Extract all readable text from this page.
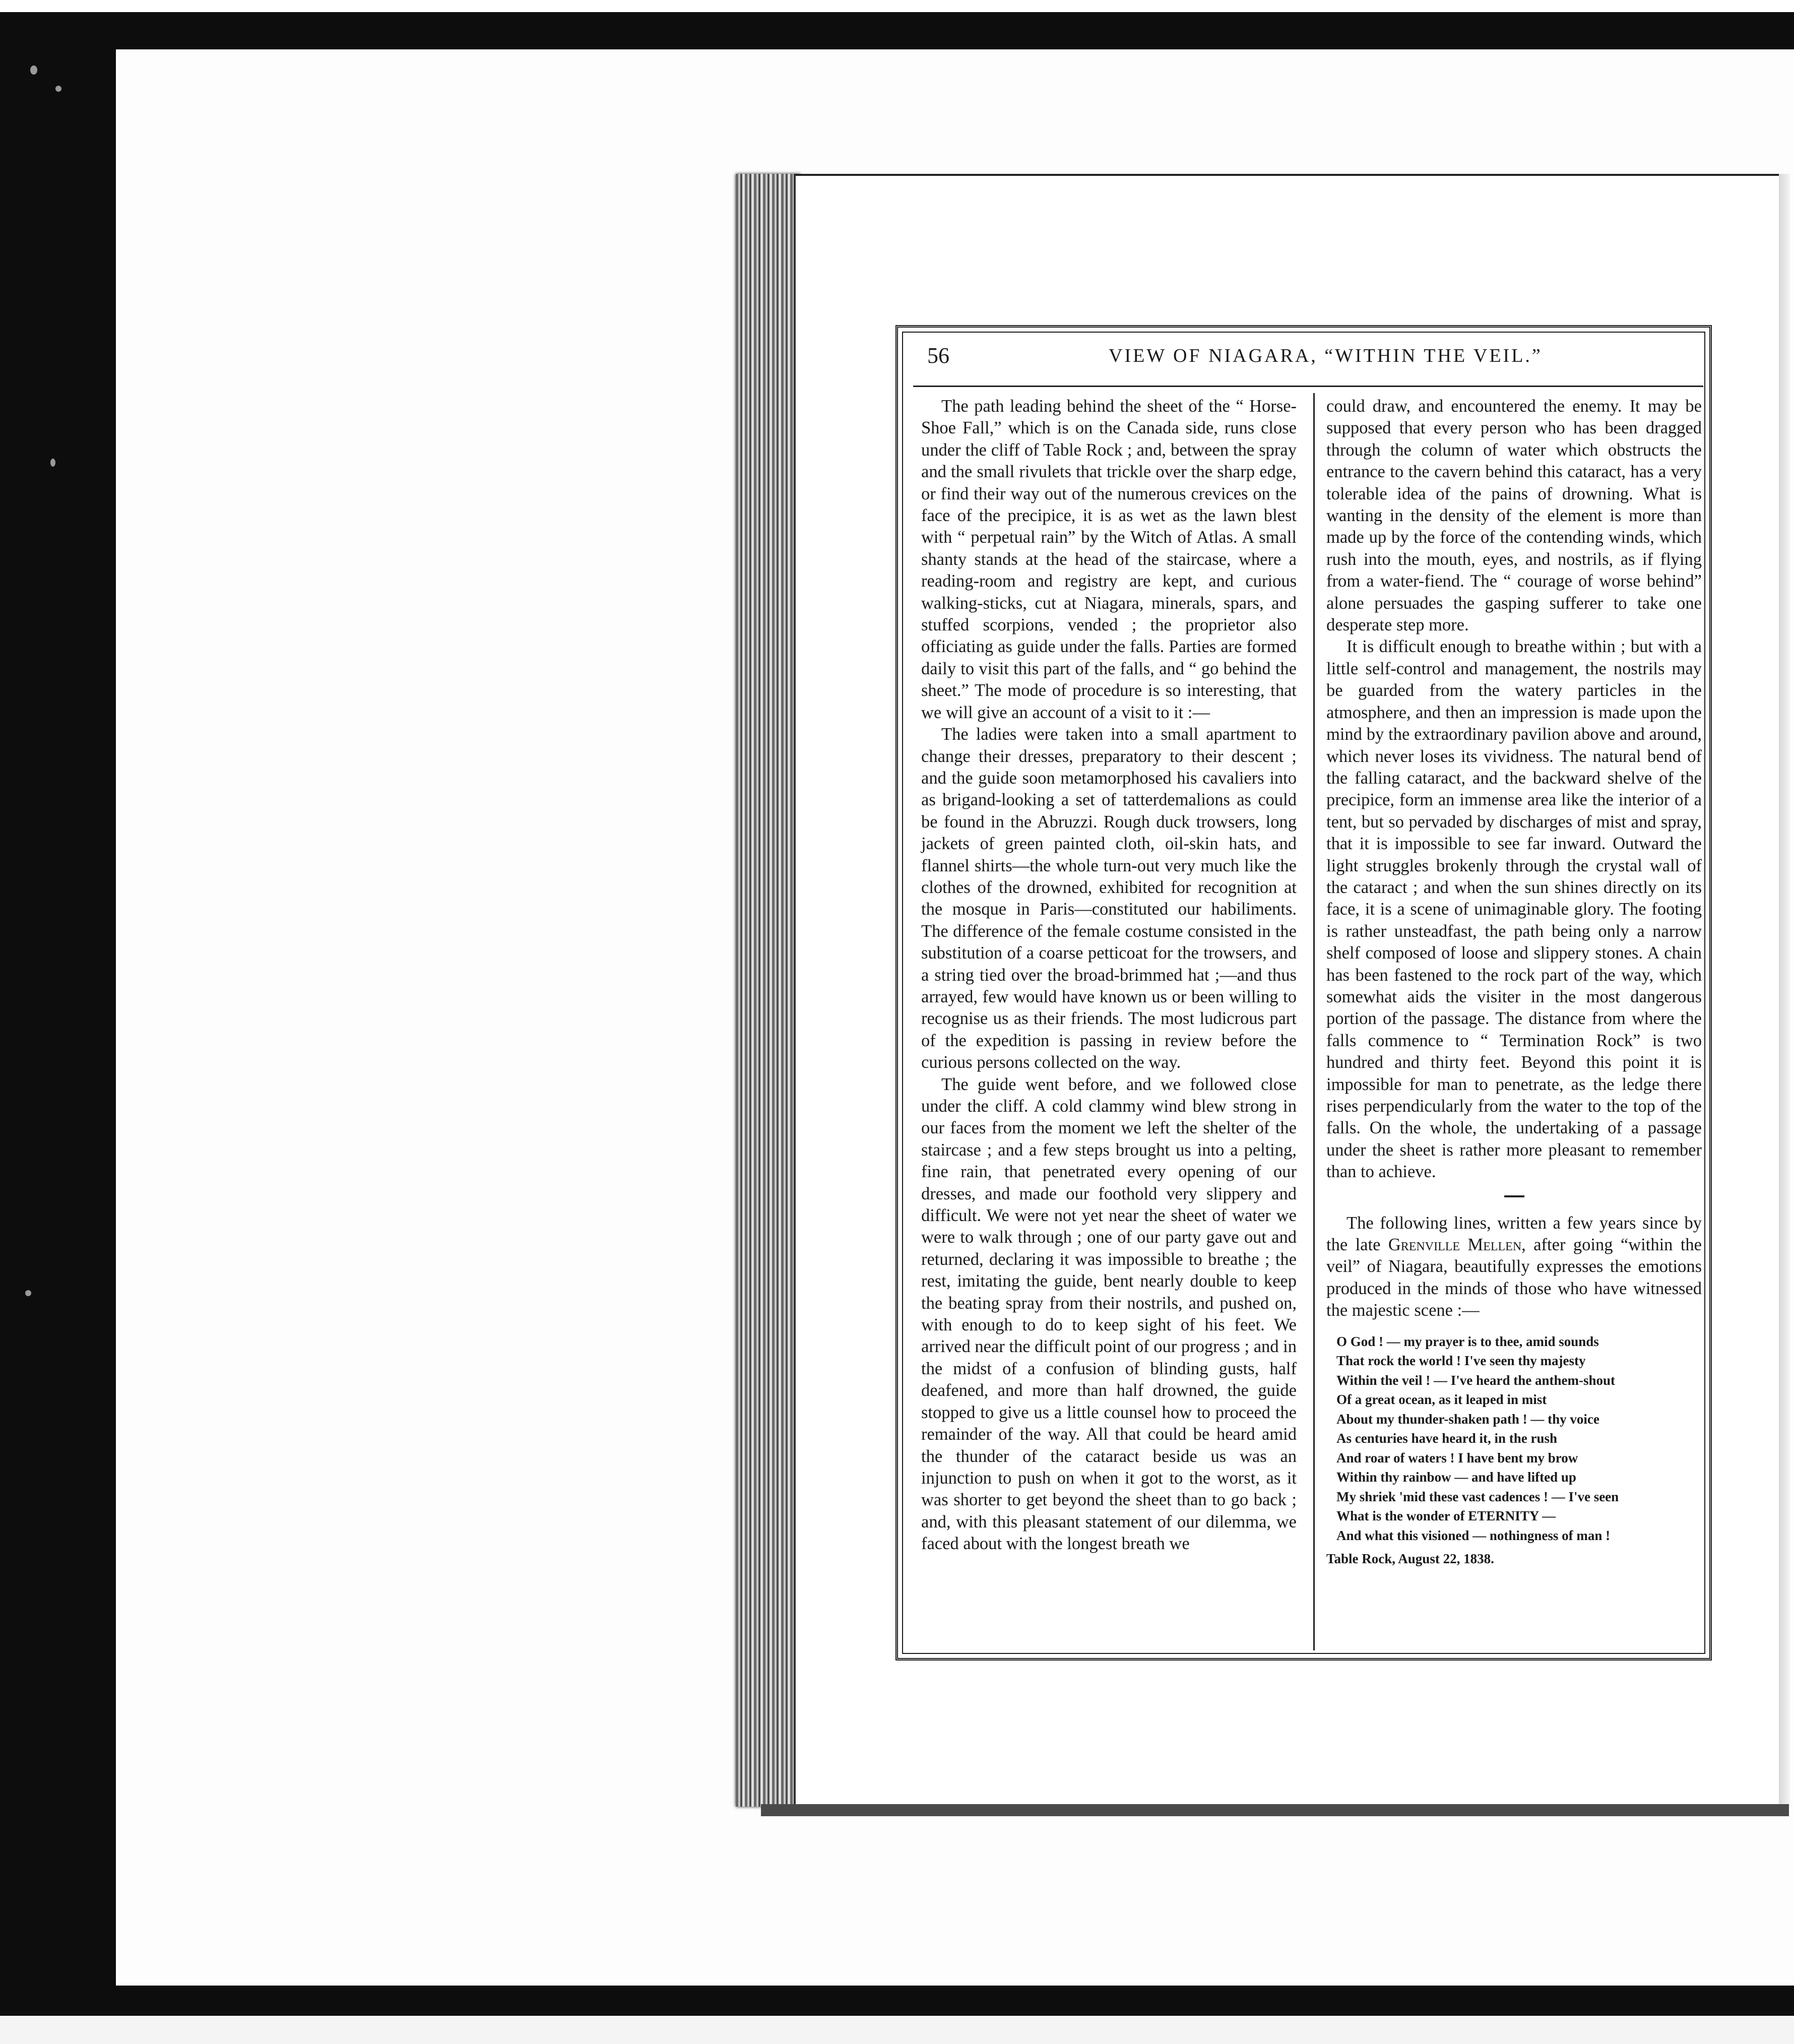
56	VIEW OF NIAGARA, “WITHIN THE VEIL.”

The path leading behind the sheet of the “ Horse-Shoe Fall,” which is on the Canada side, runs close under the cliff of Table Rock ; and, between the spray and the small rivulets that trickle over the sharp edge, or find their way out of the numerous crevices on the face of the precipice, it is as wet as the lawn blest with “ perpetual rain” by the Witch of Atlas. A small shanty stands at the head of the staircase, where a reading-room and registry are kept, and curious walking-sticks, cut at Niagara, minerals, spars, and stuffed scorpions, vended ; the proprietor also officiating as guide under the falls. Parties are formed daily to visit this part of the falls, and “ go behind the sheet.” The mode of procedure is so interesting, that we will give an account of a visit to it :—

The ladies were taken into a small apartment to change their dresses, preparatory to their descent ; and the guide soon metamorphosed his cavaliers into as brigand-looking a set of tatterdemalions as could be found in the Abruzzi. Rough duck trowsers, long jackets of green painted cloth, oil-skin hats, and flannel shirts—the whole turn-out very much like the clothes of the drowned, exhibited for recognition at the mosque in Paris—constituted our habiliments. The difference of the female costume consisted in the substitution of a coarse petticoat for the trowsers, and a string tied over the broad-brimmed hat ;—and thus arrayed, few would have known us or been willing to recognise us as their friends. The most ludicrous part of the expedition is passing in review before the curious persons collected on the way.

The guide went before, and we followed close under the cliff. A cold clammy wind blew strong in our faces from the moment we left the shelter of the staircase ; and a few steps brought us into a pelting, fine rain, that penetrated every opening of our dresses, and made our foothold very slippery and difficult. We were not yet near the sheet of water we were to walk through ; one of our party gave out and returned, declaring it was impossible to breathe ; the rest, imitating the guide, bent nearly double to keep the beating spray from their nostrils, and pushed on, with enough to do to keep sight of his feet. We arrived near the difficult point of our progress ; and in the midst of a confusion of blinding gusts, half deafened, and more than half drowned, the guide stopped to give us a little counsel how to proceed the remainder of the way. All that could be heard amid the thunder of the cataract beside us was an injunction to push on when it got to the worst, as it was shorter to get beyond the sheet than to go back ; and, with this pleasant statement of our dilemma, we faced about with the longest breath we

could draw, and encountered the enemy. It may be supposed that every person who has been dragged through the column of water which obstructs the entrance to the cavern behind this cataract, has a very tolerable idea of the pains of drowning. What is wanting in the density of the element is more than made up by the force of the contending winds, which rush into the mouth, eyes, and nostrils, as if flying from a water-fiend. The “ courage of worse behind” alone persuades the gasping sufferer to take one desperate step more.

It is difficult enough to breathe within ; but with a little self-control and management, the nostrils may be guarded from the watery particles in the atmosphere, and then an impression is made upon the mind by the extraordinary pavilion above and around, which never loses its vividness. The natural bend of the falling cataract, and the backward shelve of the precipice, form an immense area like the interior of a tent, but so pervaded by discharges of mist and spray, that it is impossible to see far inward. Outward the light struggles brokenly through the crystal wall of the cataract ; and when the sun shines directly on its face, it is a scene of unimaginable glory. The footing is rather unsteadfast, the path being only a narrow shelf composed of loose and slippery stones. A chain has been fastened to the rock part of the way, which somewhat aids the visiter in the most dangerous portion of the passage. The distance from where the falls commence to “ Termination Rock” is two hundred and thirty feet. Beyond this point it is impossible for man to penetrate, as the ledge there rises perpendicularly from the water to the top of the falls. On the whole, the undertaking of a passage under the sheet is rather more pleasant to remember than to achieve.

The following lines, written a few years since by the late Grenville Mellen, after going “within the veil” of Niagara, beautifully expresses the emotions produced in the minds of those who have witnessed the majestic scene :—

O God ! — my prayer is to thee, amid sounds
That rock the world ! I've seen thy majesty
Within the veil ! — I've heard the anthem-shout
Of a great ocean, as it leaped in mist
About my thunder-shaken path ! — thy voice
As centuries have heard it, in the rush
And roar of waters ! I have bent my brow
Within thy rainbow — and have lifted up
My shriek 'mid these vast cadences ! — I've seen
What is the wonder of ETERNITY —
And what this visioned — nothingness of man !
Table Rock, August 22, 1838.
